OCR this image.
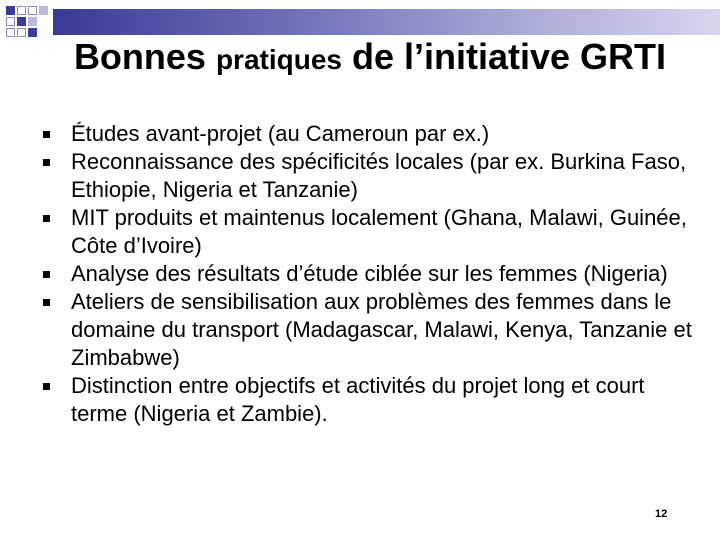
Bonnes pratiques de l’initiative GRTI
Études avant-projet (au Cameroun par ex.)
Reconnaissance des spécificités locales (par ex. Burkina Faso, Ethiopie, Nigeria et Tanzanie)
MIT produits et maintenus localement (Ghana, Malawi, Guinée, Côte d’Ivoire)
Analyse des résultats d’étude ciblée sur les femmes (Nigeria)
Ateliers de sensibilisation aux problèmes des femmes dans le domaine du transport (Madagascar, Malawi, Kenya, Tanzanie et Zimbabwe)
Distinction entre objectifs et activités du projet long et court terme (Nigeria et Zambie).
12
